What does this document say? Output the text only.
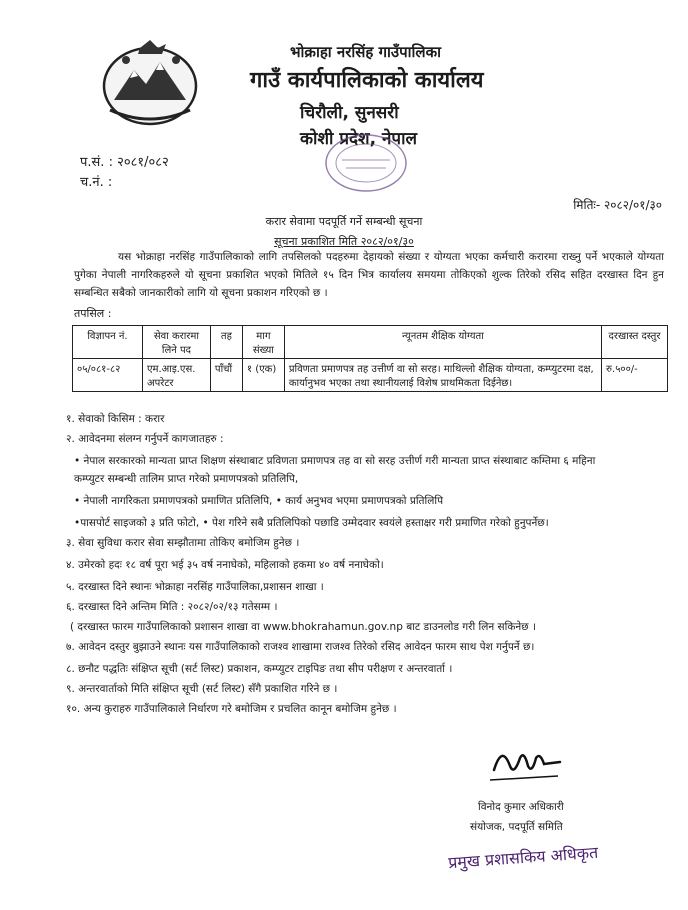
भोक्राहा नरसिंह गाउँपालिका
गाउँ कार्यपालिकाको कार्यालय
चिरौली, सुनसरी
कोशी प्रदेश, नेपाल
प.सं. : २०८१/०८२
च.नं. :
मितिः- २०८२/०१/३०
करार सेवामा पदपूर्ति गर्ने सम्बन्धी सूचना
सूचना प्रकाशित मिति २०८२/०१/३०
यस भोक्राहा नरसिंह गाउँपालिकाको लागि तपसिलको पदहरुमा देहायको संख्या र योग्यता भएका कर्मचारी करारमा राख्नु पर्ने भएकाले योग्यता पुगेका नेपाली नागरिकहरुले यो सूचना प्रकाशित भएको मितिले १५ दिन भित्र कार्यालय समयमा तोकिएको शुल्क तिरेको रसिद सहित दरखास्त दिन हुन सम्बन्धित सबैको जानकारीको लागि यो सूचना प्रकाशन गरिएको छ ।
तपसिल :
विज्ञापन नं.	सेवा करारमा लिने पद	तह	माग संख्या	न्यूनतम शैक्षिक योग्यता	दरखास्त दस्तुर
०५/०८१-८२	एम.आइ.एस. अपरेटर	पाँचौं	१ (एक)	प्रविणता प्रमाणपत्र तह उत्तीर्ण वा सो सरह। माथिल्लो शैक्षिक योग्यता, कम्प्युटरमा दक्ष, कार्यानुभव भएका तथा स्थानीयलाई विशेष प्राथमिकता दिईनेछ।	रु.५००/-
१. सेवाको किसिम : करार
२. आवेदनमा संलग्न गर्नुपर्ने कागजातहरु :
• नेपाल सरकारको मान्यता प्राप्त शिक्षण संस्थाबाट प्रविणता प्रमाणपत्र तह वा सो सरह उत्तीर्ण गरी मान्यता प्राप्त संस्थाबाट कम्तिमा ६ महिना
कम्प्युटर सम्बन्धी तालिम प्राप्त गरेको प्रमाणपत्रको प्रतिलिपि,
• नेपाली नागरिकता प्रमाणपत्रको प्रमाणित प्रतिलिपि, • कार्य अनुभव भएमा प्रमाणपत्रको प्रतिलिपि
•पासपोर्ट साइजको ३ प्रति फोटो, • पेश गरिने सबै प्रतिलिपिको पछाडि उम्मेदवार स्वयंले हस्ताक्षर गरी प्रमाणित गरेको हुनुपर्नेछ।
३. सेवा सुविधा करार सेवा सम्झौतामा तोकिए बमोजिम हुनेछ ।
४. उमेरको हदः १८ वर्ष पूरा भई ३५ वर्ष ननाघेको, महिलाको हकमा ४० वर्ष ननाघेको।
५. दरखास्त दिने स्थानः भोक्राहा नरसिंह गाउँपालिका,प्रशासन शाखा ।
६. दरखास्त दिने अन्तिम मिति : २०८२/०२/१३ गतेसम्म ।
( दरखास्त फारम गाउँपालिकाको प्रशासन शाखा वा www.bhokrahamun.gov.np बाट डाउनलोड गरी लिन सकिनेछ ।
७. आवेदन दस्तुर बुझाउने स्थानः यस गाउँपालिकाको राजश्व शाखामा राजश्व तिरेको रसिद आवेदन फारम साथ पेश गर्नुपर्ने छ।
८. छनौट पद्धतिः संक्षिप्त सूची (सर्ट लिस्ट) प्रकाशन, कम्प्युटर टाइपिङ तथा सीप परीक्षण र अन्तरवार्ता ।
९. अन्तरवार्ताको मिति संक्षिप्त सूची (सर्ट लिस्ट) सँगै प्रकाशित गरिने छ ।
१०. अन्य कुराहरु गाउँपालिकाले निर्धारण गरे बमोजिम र प्रचलित कानून बमोजिम हुनेछ ।
विनोद कुमार अधिकारी
संयोजक, पदपूर्ति समिति
प्रमुख प्रशासकिय अधिकृत
